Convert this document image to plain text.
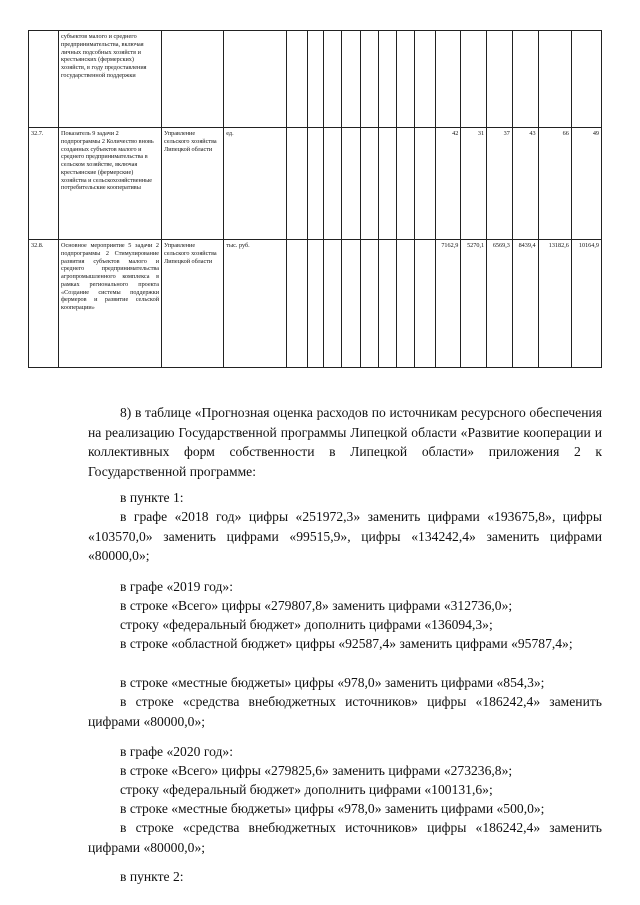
	субъектов малого и среднего предпринимательства, включая личных подсобных хозяйств и крестьянских (фермерских) хозяйств, в году предоставления государственной поддержки																
32.7.	Показатель 9 задачи 2 подпрограммы 2 Количество вновь созданных субъектов малого и среднего предпринимательства в сельском хозяйстве, включая крестьянские (фермерские) хозяйства и сельскохозяйственные потребительские кооперативы	Управление сельского хозяйства Липецкой области	ед.									42	31	37	43	66	49
32.8.	Основное мероприятие 5 задачи 2 подпрограммы 2 Стимулирование развития субъектов малого и среднего предпринимательства агропромышленного комплекса в рамках регионального проекта «Создание системы поддержки фермеров и развитие сельской кооперации»	Управление сельского хозяйства Липецкой области	тыс. руб.									7162,9	5270,1	6569,3	8439,4	13182,6	10164,9
8) в таблице «Прогнозная оценка расходов по источникам ресурсного обеспечения на реализацию Государственной программы Липецкой области «Развитие кооперации и коллективных форм собственности в Липецкой области» приложения 2 к Государственной программе:
в пункте 1:
в графе «2018 год» цифры «251972,3» заменить цифрами «193675,8», цифры «103570,0» заменить цифрами «99515,9», цифры «134242,4» заменить цифрами «80000,0»;
в графе «2019 год»:
в строке «Всего» цифры «279807,8» заменить цифрами «312736,0»;
строку «федеральный бюджет» дополнить цифрами «136094,3»;
в строке «областной бюджет» цифры «92587,4» заменить цифрами «95787,4»;
в строке «местные бюджеты» цифры «978,0» заменить цифрами «854,3»;
в строке «средства внебюджетных источников» цифры «186242,4» заменить цифрами «80000,0»;
в графе «2020 год»:
в строке «Всего» цифры «279825,6» заменить цифрами «273236,8»;
строку «федеральный бюджет» дополнить цифрами «100131,6»;
в строке «местные бюджеты» цифры «978,0» заменить цифрами «500,0»;
в строке «средства внебюджетных источников» цифры «186242,4» заменить цифрами «80000,0»;
в пункте 2:
